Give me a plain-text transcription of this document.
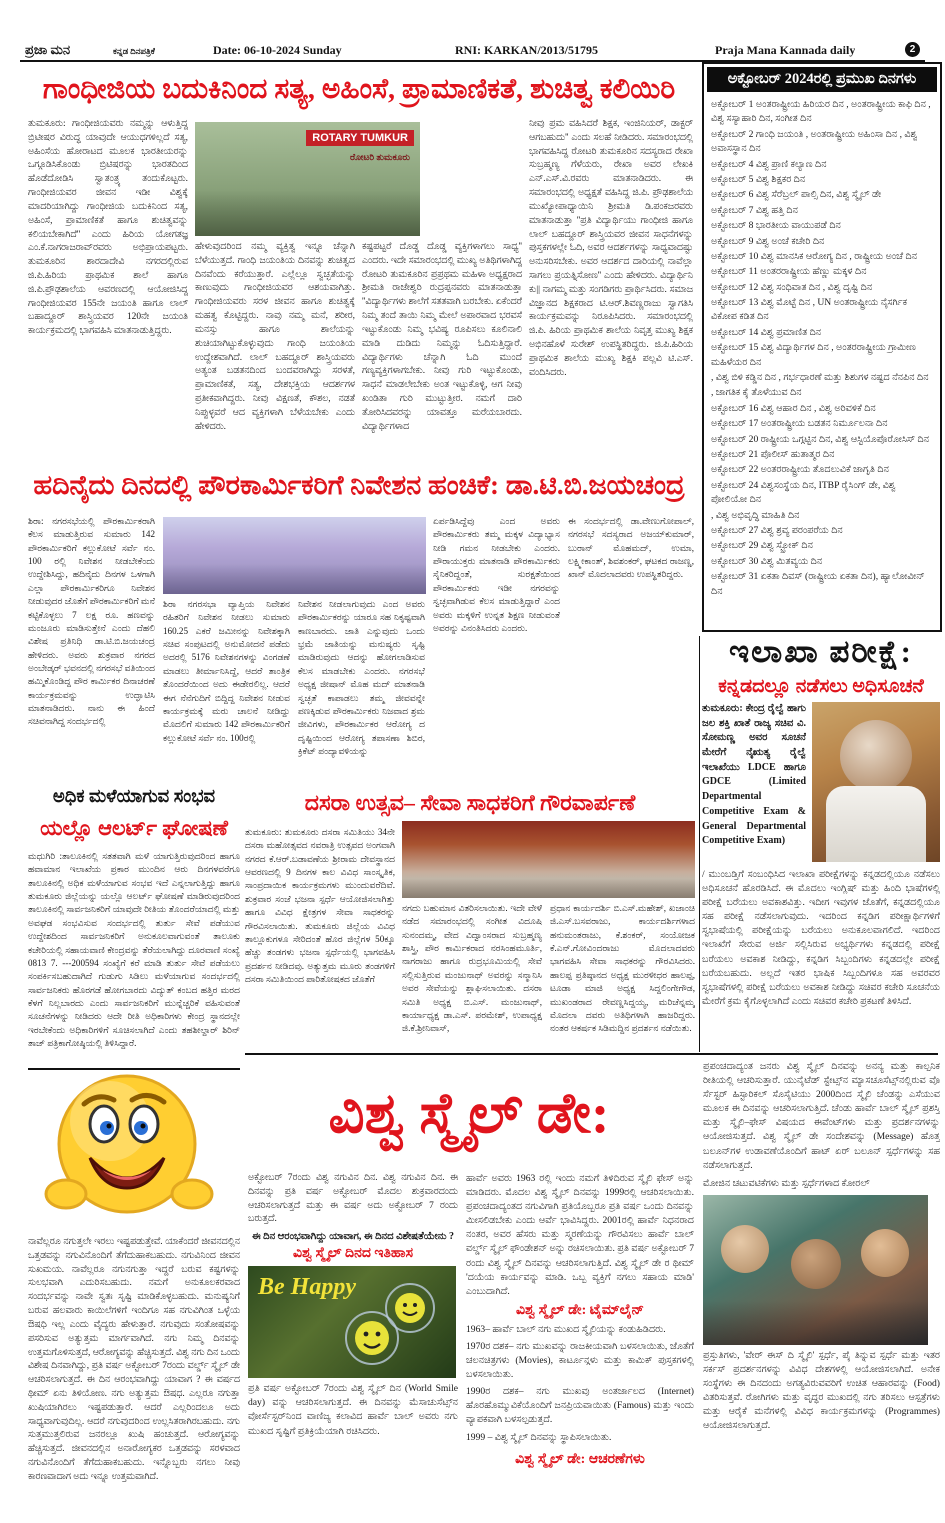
ಪ್ರಜಾ ಮನ	ಕನ್ನಡ ದಿನಪತ್ರಿಕೆ	Date: 06-10-2024 Sunday	RNI: KARKAN/2013/51795	Praja Mana Kannada daily	2
ಗಾಂಧೀಜಿಯ ಬದುಕಿನಿಂದ ಸತ್ಯ, ಅಹಿಂಸೆ, ಪ್ರಾಮಾಣಿಕತೆ, ಶುಚಿತ್ವ ಕಲಿಯಿರಿ
ROTARY TUMKUR
ರೋಟರಿ ತುಮಕೂರು
ತುಮಕೂರು: ಗಾಂಧೀಜಿಯವರು ನಮ್ಮನ್ನು ಆಳುತ್ತಿದ್ದ ಬ್ರಿಟೀಷರ ವಿರುದ್ಧ ಯಾವುದೇ ಆಯುಧಗಳಿಲ್ಲದೆ ಸತ್ಯ, ಅಹಿಂಸೆಯ ಹೋರಾಟದ ಮೂಲಕ ಭಾರತೀಯರನ್ನು ಒಗ್ಗೂಡಿಸಿಕೊಂಡು ಬ್ರಿಟಿಷರನ್ನು ಭಾರತದಿಂದ ಹೊಡೆದೋಡಿಸಿ ಸ್ವಾತಂತ್ರ್ಯ ತಂದುಕೊಟ್ಟರು. ಗಾಂಧೀಜಿಯವರ ಜೀವನ ಇಡೀ ವಿಶ್ವಕ್ಕೆ ಮಾದರಿಯಾಗಿದ್ದು ಗಾಂಧೀಜಿಯ ಬದುಕಿನಿಂದ ಸತ್ಯ, ಅಹಿಂಸೆ, ಪ್ರಾಮಾಣಿಕತೆ ಹಾಗೂ ಶುಚಿತ್ವವನ್ನು ಕಲಿಯಬೇಕಾಗಿದೆ'' ಎಂದು ಹಿರಿಯ ಯೋಗತಜ್ಞ ಎಂ.ಕೆ.ನಾಗರಾಜರಾವ್‌ರವರು ಅಭಿಪ್ರಾಯಪಟ್ಟರು. ತುಮಕೂರಿನ ಶಾರದಾದೇವಿ ನಗರದಲ್ಲಿರುವ ಜಿ.ಪಿ.ಹಿರಿಯ ಪ್ರಾಥಮಿಕ ಶಾಲೆ ಹಾಗೂ ಜಿ.ಪಿ.ಪ್ರೌಢಶಾಲೆಯ ಆವರಣದಲ್ಲಿ ಆಯೋಜಿಸಿದ್ದ ಗಾಂಧೀಜಿಯವರ 155ನೇ ಜಯಂತಿ ಹಾಗೂ ಲಾಲ್ ಬಹಾದ್ದೂರ್ ಶಾಸ್ತ್ರಿಯವರ 120ನೇ ಜಯಂತಿ ಕಾರ್ಯಕ್ರಮದಲ್ಲಿ ಭಾಗವಹಿಸಿ ಮಾತನಾಡುತ್ತಿದ್ದರು.
ಹೇಳುವುದರಿಂದ ನಮ್ಮ ವ್ಯಕ್ತಿತ್ವ ಇನ್ನೂ ಚೆನ್ನಾಗಿ ಬೆಳೆಯುತ್ತದೆ. ಗಾಂಧಿ ಜಯಂತಿಯ ದಿನವನ್ನು ಶುಚಿತ್ವದ ದಿನವೆಂದು ಕರೆಯುತ್ತಾರೆ. ಎಲ್ಲೆಲ್ಲೂ ಸ್ವಚ್ಛತೆಯನ್ನು ಕಾಣುವುದು ಗಾಂಧೀಜಿಯವರ ಆಶಯವಾಗಿತ್ತು. ಗಾಂಧೀಜಿಯವರು ಸರಳ ಜೀವನ ಹಾಗೂ ಶುಚಿತ್ವಕ್ಕೆ ಮಹತ್ವ ಕೊಟ್ಟಿದ್ದರು. ನಾವು ನಮ್ಮ ಮನೆ, ಶರೀರ, ಮನಸ್ಸು ಹಾಗೂ ಶಾಲೆಯನ್ನು ಶುಚಿಯಾಗಿಟ್ಟುಕೊಳ್ಳುವುದು ಗಾಂಧಿ ಜಯಂತಿಯ ಉದ್ದೇಶವಾಗಿದೆ. ಲಾಲ್ ಬಹದ್ದೂರ್ ಶಾಸ್ತ್ರಿಯವರು ಅತ್ಯಂತ ಬಡತನದಿಂದ ಬಂದವರಾಗಿದ್ದು ಸರಳತೆ, ಪ್ರಾಮಾಣಿಕತೆ, ಸತ್ಯ, ದೇಶಭಕ್ತಿಯ ಆದರ್ಶಗಳ ಪ್ರತೀಕವಾಗಿದ್ದರು. ನೀವು ವಿಕ್ಷಣತೆ, ಕೌಶಲ, ನಡತೆ ನಿಪ್ಪುಳ್ಳವರೆ ಆದ ವ್ಯಕ್ತಿಗಳಾಗಿ ಬೆಳೆಯಬೇಕು ಎಂದು ಹೇಳಿದರು.
ಕಷ್ಟಪಟ್ಟರೆ ದೊಡ್ಡ ದೊಡ್ಡ ವ್ಯಕ್ತಿಗಳಾಗಲು ಸಾಧ್ಯ'' ಎಂದರು. ಇದೇ ಸಮಾರಂಭದಲ್ಲಿ ಮುಖ್ಯ ಅತಿಥಿಗಳಾಗಿದ್ದ ರೋಟರಿ ತುಮಕೂರಿನ ಪ್ರಪ್ರಥಮ ಮಹಿಳಾ ಅಧ್ಯಕ್ಷರಾದ ಶ್ರೀಮತಿ ರಾಜೇಶ್ವರಿ ರುದ್ರಪ್ಪನವರು ಮಾತನಾಡುತ್ತಾ ''ವಿದ್ಯಾರ್ಥಿಗಳು ಶಾಲೆಗೆ ಸತತವಾಗಿ ಬರಬೇಕು. ಏಕೆಂದರೆ ನಿಮ್ಮ ತಂದೆ ತಾಯಿ ನಿಮ್ಮ ಮೇಲೆ ಅಪಾರವಾದ ಭರವಸೆ ಇಟ್ಟುಕೊಂಡು ನಿಮ್ಮ ಭವಿಷ್ಯ ರೂಪಿಸಲು ಕೂಲಿನಾಲಿ ಮಾಡಿ ದುಡಿದು ನಿಮ್ಮನ್ನು ಓದಿಸುತ್ತಿದ್ದಾರೆ. ವಿದ್ಯಾರ್ಥಿಗಳು ಚೆನ್ನಾಗಿ ಓದಿ ಮುಂದೆ ಗಣ್ಯವ್ಯಕ್ತಿಗಳಾಗಬೇಕು. ನೀವು ಗುರಿ ಇಟ್ಟುಕೊಂಡು, ಸಾಧನೆ ಮಾಡಲೇಬೇಕು ಅಂತ ಇಟ್ಟುಕೊಳ್ಳಿ, ಆಗ ನೀವು ಖಂಡಿತಾ ಗುರಿ ಮುಟ್ಟುತ್ತೀರ. ನಮಗೆ ದಾರಿ ತೋರಿಸಿದವರನ್ನು ಯಾವತ್ತೂ ಮರೆಯಬಾರದು. ವಿದ್ಯಾರ್ಥಿಗಳಾದ
ನೀವು ಪ್ರಮ ವಹಿಸಿದರೆ ಶಿಕ್ಷಕ, ಇಂಜಿನಿಯರ್, ಡಾಕ್ಟರ್ ಆಗಬಹುದು'' ಎಂದು ಸಲಹೆ ನೀಡಿದರು. ಸಮಾರಂಭದಲ್ಲಿ ಭಾಗವಹಿಸಿದ್ದ ರೋಟರಿ ತುಮಕೂರಿನ ಸದಸ್ಯರಾದ ರೇಖಾ ಸುಬ್ರಹ್ಮಣ್ಯ ಗೆಳೆಯರು, ರೇಖಾ ಅವರ ಲೇಖಕಿ ಎನ್.ಎಸ್.ವಿ.ರವರು ಮಾತನಾಡಿದರು. ಈ ಸಮಾರಂಭದಲ್ಲಿ ಅಧ್ಯಕ್ಷತೆ ವಹಿಸಿದ್ದ ಜಿ.ಪಿ. ಪ್ರೌಢಶಾಲೆಯ ಮುಖ್ಯೋಪಾಧ್ಯಾಯಿನಿ ಶ್ರೀಮತಿ ಡಿ.ಪಂಕಜರವರು ಮಾತನಾಡುತ್ತಾ ''ಪ್ರತಿ ವಿದ್ಯಾರ್ಥಿಯು ಗಾಂಧೀಜಿ ಹಾಗೂ ಲಾಲ್ ಬಹದ್ದೂರ್ ಶಾಸ್ತ್ರಿಯವರ ಜೀವನ ಸಾಧನೆಗಳನ್ನು ಪುಸ್ತಕಗಳಲ್ಲೇ ಓದಿ, ಅವರ ಆದರ್ಶಗಳನ್ನು ಸಾಧ್ಯವಾದಷ್ಟು ಅನುಸರಿಸಬೇಕು. ಅವರ ಆದರ್ಶದ ದಾರಿಯಲ್ಲಿ ನಾವೆಲ್ಲಾ ಸಾಗಲು ಪ್ರಯತ್ನಿಸೋಣ'' ಎಂದು ಹೇಳಿದರು. ವಿದ್ಯಾರ್ಥಿನಿ ಕು|| ನಾಗಮ್ಮ ಮತ್ತು ಸಂಗಡಿಗರು ಪ್ರಾರ್ಥಿಸಿದರು. ಸಮಾಜ ವಿಜ್ಞಾನದ ಶಿಕ್ಷಕರಾದ ಟಿ.ಆರ್.ಶಿವಣ್ಣರಾಜು ಸ್ವಾಗತಿಸಿ ಕಾರ್ಯಕ್ರಮವನ್ನು ನಿರೂಪಿಸಿದರು. ಸಮಾರಂಭದಲ್ಲಿ ಜಿ.ಪಿ. ಹಿರಿಯ ಪ್ರಾಥಮಿಕ ಶಾಲೆಯ ನಿವೃತ್ತ ಮುಖ್ಯ ಶಿಕ್ಷಕ ಅಭಿನಹೊಳೆ ಸುರೇಶ್ ಉಪಸ್ಥಿತರಿದ್ದರು. ಜಿ.ಪಿ.ಹಿರಿಯ ಪ್ರಾಥಮಿಕ ಶಾಲೆಯ ಮುಖ್ಯ ಶಿಕ್ಷಕಿ ಪಲ್ಲವಿ ಟಿ.ಎಸ್. ವಂದಿಸಿದರು.
ಹದಿನೈದು ದಿನದಲ್ಲಿ ಪೌರಕಾರ್ಮಿಕರಿಗೆ ನಿವೇಶನ ಹಂಚಿಕೆ: ಡಾ.ಟಿ.ಬಿ.ಜಯಚಂದ್ರ
ಶಿರಾ: ನಗರಸಭೆಯಲ್ಲಿ ಪೌರಕಾರ್ಮಿಕರಾಗಿ ಕೆಲಸ ಮಾಡುತ್ತಿರುವ ಸುಮಾರು 142 ಪೌರಕಾರ್ಮಿಕರಿಗೆ ಕಲ್ಲುಕೋಟೆ ಸರ್ವೆ ನಂ. 100 ರಲ್ಲಿ ನಿವೇಶನ ನೀಡಬೇಕೆಂದು ಉದ್ದೇಶಿಸಿದ್ದು, ಹದಿನೈದು ದಿನಗಳ ಒಳಗಾಗಿ ಎಲ್ಲಾ ಪೌರಕಾರ್ಮಿಕರಿಗೂ ನಿವೇಶನ ನೀಡುವುದರ ಜೊತೆಗೆ ಪೌರಕಾರ್ಮಿಕರಿಗೆ ಮನೆ ಕಟ್ಟಿಕೊಳ್ಳಲು 7 ಲಕ್ಷ ರೂ. ಹಣವನ್ನು ಮಂಜೂರು ಮಾಡಿಸುತ್ತೇನೆ ಎಂದು ದೆಹಲಿ ವಿಶೇಷ ಪ್ರತಿನಿಧಿ ಡಾ.ಟಿ.ಬಿ.ಜಯಚಂದ್ರ ಹೇಳಿದರು. ಅವರು ಶುಕ್ರವಾರ ನಗರದ ಅಂಬೇಡ್ಕರ್ ಭವನದಲ್ಲಿ ನಗರಸಭೆ ವತಿಯಿಂದ ಹಮ್ಮಿಕೊಂಡಿದ್ದ ಪೌರ ಕಾರ್ಮಿಕರ ದಿನಾಚರಣೆ ಕಾರ್ಯಕ್ರಮವನ್ನು ಉದ್ಘಾಟಿಸಿ ಮಾತನಾಡಿದರು. ನಾನು ಈ ಹಿಂದೆ ಸಚಿವನಾಗಿದ್ದ ಸಂದರ್ಭದಲ್ಲಿ
ಶಿರಾ ನಗರಸಭಾ ವ್ಯಾಪ್ತಿಯ ನಿವೇಶನ ರಹಿತರಿಗೆ ನಿವೇಶನ ನೀಡಲು ಸುಮಾರು 160.25 ಎಕರೆ ಜಮೀನನ್ನು ನಿವೇಶಕ್ಕಾಗಿ ಸಚಿವ ಸಂಪುಟದಲ್ಲಿ ಅನುಮೋದನೆ ಪಡೆದು ಅದರಲ್ಲಿ 5176 ನಿವೇಶನಗಳನ್ನು ವಿಂಗಡಣೆ ಮಾಡಲು ತೀರ್ಮಾನಿಸಿದ್ದೆ, ಆದರೆ ತಾಂತ್ರಿಕ ತೊಂದರೆಯಿಂದ ಅದು ಈಡೇರಲಿಲ್ಲ. ಆದರೆ ಈಗ ನೆನೆಗುದಿಗೆ ಬಿದ್ದಿದ್ದ ನಿವೇಶನ ನೀಡುವ ಕಾರ್ಯಕ್ರಮಕ್ಕೆ ಮರು ಚಾಲನೆ ನೀಡಿದ್ದು ಮೊದಲಿಗೆ ಸುಮಾರು 142 ಪೌರಕಾರ್ಮಿಕರಿಗೆ ಕಲ್ಲುಕೋಟೆ ಸರ್ವೆ ನಂ. 100ರಲ್ಲಿ
ನಿವೇಶನ ನೀಡಲಾಗುವುದು ಎಂದ ಅವರು ಪೌರಕಾರ್ಮಿಕರನ್ನು ಯಾರೂ ಸಹ ನಿಕೃಷ್ಟವಾಗಿ ಕಾಣಬಾರದು. ಜಾತಿ ಎನ್ನುವುದು ಒಂದು ಭ್ರಮೆ ಜಾತಿಯನ್ನು ಮನುಷ್ಯರು ಸೃಷ್ಟಿ ಮಾಡಿರುವುದು ಆದನ್ನು ಹೋಗಲಾಡಿಸುವ ಕೆಲಸ ಮಾಡಬೇಕು ಎಂದರು. ನಗರಸಭೆ ಅಧ್ಯಕ್ಷ ಜೀಷಾನ್ ಮೊಹ ಮದ್ ಮಾತನಾಡಿ ಸ್ವಚ್ಛತೆ ಕಾಪಾಡಲು ತಮ್ಮ ಜೀವವನ್ನೇ ಪಣಕ್ಕಿಡುವ ಪೌರಕಾರ್ಮಿಕರು ನಿಜವಾದ ಶ್ರಮ ಜೀವಿಗಳು, ಪೌರಕಾರ್ಮಿಕರ ಆರೋಗ್ಯ ದ ದೃಷ್ಟಿಯಿಂದ ಆರೋಗ್ಯ ತಪಾಸಣಾ ಶಿಬಿರ, ಕ್ರಿಕೆಟ್ ಪಂದ್ಯಾವಳಿಯನ್ನು
ಏರ್ಪಡಿಸಿದ್ದೆವು ಎಂದ ಅವರು ಪೌರಕಾರ್ಮಿಕರು ತಮ್ಮ ಮಕ್ಕಳ ವಿದ್ಯಾಭ್ಯಾಸ ನೀಡಿ ಗಮನ ನೀಡಬೇಕು ಎಂದರು. ಪೌರಾಯುಕ್ತರು ಮಾತನಾಡಿ ಪೌರಕಾರ್ಮಿಕರು ಸೈನಿಕರಿದ್ದಂತೆ, ಸುರಕ್ಷತೆಯಿಂದ ಪೌರಕಾರ್ಮಿಕರು ಇಡೀ ನಗರವನ್ನು ಸ್ವಚ್ಛವಾಗಿಡುವ ಕೆಲಸ ಮಾಡುತ್ತಿದ್ದಾರೆ ಎಂದ ಅವರು ಮಕ್ಕಳಿಗೆ ಉನ್ನತ ಶಿಕ್ಷಣ ನೀಡುವಂತೆ ಅವರನ್ನು ವಿನಂತಿಸಿದರು ಎಂದರು.
ಈ ಸಂದರ್ಭದಲ್ಲಿ ಡಾ.ವೇಣುಗೋಪಾಲ್, ನಗರಸಭೆ ಸದಸ್ಯರಾದ ಅಜಯ್‌ಕುಮಾರ್, ಬುರಾನ್ ಮೊಹಮದ್, ಉಮಾ, ಲಕ್ಷ್ಮೀಕಾಂತ್, ಶಿವಶಂಕರ್, ಘಟಕದ ರಾಜಣ್ಣ, ಖಾನ್ ಮೊದಲಾದವರು ಉಪಸ್ಥಿತರಿದ್ದರು.
ಅಧಿಕ ಮಳೆಯಾಗುವ ಸಂಭವ
ಯಲ್ಲೊ ಆಲರ್ಟ್ ಘೋಷಣೆ
ಮಧುಗಿರಿ :ತಾಲೂಕಿನಲ್ಲಿ ಸತತವಾಗಿ ಮಳೆ ಯಾಗುತ್ತಿರುವುದರಿಂದ ಹಾಗೂ ಹವಾಮಾನ ಇಲಾಖೆಯ ಪ್ರಕಾರ ಮುಂದಿನ ಆರು ದಿನಗಳವರೆಗೂ ತಾಲೂಕಿನಲ್ಲಿ ಅಧಿಕ ಮಳೆಯಾಗುವ ಸಂಭವ ಇದೆ ಎನ್ನಲಾಗುತ್ತಿದ್ದು ಹಾಗೂ ತುಮಕೂರು ಜಿಲ್ಲೆಯನ್ನು ಯಲ್ಲೊ ಆಲರ್ಟ್ ಘೋಷಣೆ ಮಾಡಿರುವುದರಿಂದ ತಾಲೂಕಿನಲ್ಲಿ ಸಾರ್ವಜನಿಕರಿಗೆ ಯಾವುದೇ ರೀತಿಯ ತೊಂದರೆಯಾದಲ್ಲಿ ಮತ್ತು ಅವಘಡ ಸಂಭವಿಸುವ ಸಂದರ್ಭದಲ್ಲಿ ತುರ್ತು ಸೇವೆ ಪಡೆಯುವ ಉದ್ದೇಶದಿಂದ ಸಾರ್ವಜನಿಕರಿಗೆ ಅನುಕೂಲವಾಗುವಂತೆ ತಾಲೂಕು ಕಚೇರಿಯಲ್ಲಿ ಸಹಾಯವಾಣಿ ಕೇಂದ್ರವನ್ನು ತೆರೆಯಲಾಗಿದ್ದು ದೂರವಾಣಿ ಸಂಖ್ಯೆ 0813 7. ---200594 ಸಂಖ್ಯೆಗೆ ಕರೆ ಮಾಡಿ ತುರ್ತು ಸೇವೆ ಪಡೆಯಲು ಸಂಪರ್ಕಿಸಬಹುದಾಗಿದೆ ಗುಡುಗು ಸಿಡಿಲು ಮಳೆಯಾಗುವ ಸಂದರ್ಭದಲ್ಲಿ ಸಾರ್ವಜನಿಕರು ಹೊರಗಡೆ ಹೋಗಬಾರದು ವಿದ್ಯುತ್ ಕಂಬದ ಹತ್ತಿರ ಮರದ ಕೆಳಗೆ ನಿಲ್ಲಬಾರದು ಎಂದು ಸಾರ್ವಜನಿಕರಿಗೆ ಮುನ್ನೆಚ್ಚರಿಕೆ ವಹಿಸುವಂತೆ ಸೂಚನೆಗಳನ್ನು ನೀಡಿದರು ಆದೇ ರೀತಿ ಅಧಿಕಾರಿಗಳು ಕೇಂದ್ರ ಸ್ಥಾನದಲ್ಲೇ ಇರಬೇಕೆಂದು ಅಧಿಕಾರಿಗಳಿಗೆ ಸೂಚಿಸಲಾಗಿದೆ ಎಂದು ತಹಶೀಲ್ದಾರ್ ಶಿರಿನ್ ತಾಜ್ ಪತ್ರಿಕಾಗೋಷ್ಠಿಯಲ್ಲಿ ತಿಳಿಸಿದ್ದಾರೆ.
ದಸರಾ ಉತ್ಸವ– ಸೇವಾ ಸಾಧಕರಿಗೆ ಗೌರವಾರ್ಪಣೆ
ತುಮಕೂರು: ತುಮಕೂರು ದಸರಾ ಸಮಿತಿಯು 34ನೇ ದಸರಾ ಮಹೋತ್ಸವದ ನವರಾತ್ರಿ ಉತ್ಸವದ ಅಂಗವಾಗಿ ನಗರದ ಕೆ.ಆರ್.ಬಡಾವಣೆಯ ಶ್ರೀರಾಮ ದೇವಸ್ಥಾನದ ಆವರಣದಲ್ಲಿ 9 ದಿನಗಳ ಕಾಲ ವಿವಿಧ ಸಾಂಸ್ಕೃತಿಕ, ಸಾಂಪ್ರದಾಯಿಕ ಕಾರ್ಯಕ್ರಮಗಳು ಮುಂದುವರೆದಿವೆ. ಶುಕ್ರವಾರ ಸಂಜೆ ಭಜನಾ ಸ್ಪರ್ಧೆ ಆಯೋಜಿಸಲಾಗಿತ್ತು ಹಾಗೂ ವಿವಿಧ ಕ್ಷೇತ್ರಗಳ ಸೇವಾ ಸಾಧಕರನ್ನು ಗೌರವಿಸಲಾಯಿತು. ತುಮಕೂರು ಜಿಲ್ಲೆಯ ವಿವಿಧ ತಾಲ್ಲೂಕುಗಳೂ ಸೇರಿದಂತೆ ಹೊರ ಜಿಲ್ಲೆಗಳ 50ಕ್ಕೂ ಹೆಚ್ಚು ತಂಡಗಳು ಭಜನಾ ಸ್ಪರ್ಧೆಯಲ್ಲಿ ಭಾಗವಹಿಸಿ ಪ್ರದರ್ಶನ ನೀಡಿದವು. ಅತ್ಯುತ್ತಮ ಮೂರು ತಂಡಗಳಿಗೆ ದಸರಾ ಸಮಿತಿಯಿಂದ ಪಾರಿತೋಷಕದ ಜೊತೆಗೆ
ನಗದು ಬಹುಮಾನ ವಿತರಿಸಲಾಯಿತು. ಇದೇ ವೇಳೆ ನಡೆದ ಸಮಾರಂಭದಲ್ಲಿ ಸಂಗೀತ ವಿದೂಷಿ ಸುನಂದಮ್ಮ, ವೇದ ವಿದ್ವಾಂಸರಾದ ಸುಬ್ರಹ್ಮಣ್ಯ ಶಾಸ್ತ್ರಿ, ಪೌರ ಕಾರ್ಮಿಕರಾದ ನರಸಿಂಹಮೂರ್ತಿ, ನಾಗರಾಜು ಹಾಗೂ ರುದ್ರಭೂಮಿಯಲ್ಲಿ ಸೇವೆ ಸಲ್ಲಿಸುತ್ತಿರುವ ಮಂಜುನಾಥ್ ಅವರನ್ನು ಸನ್ಮಾನಿಸಿ ಅವರ ಸೇವೆಯನ್ನು ಶ್ಲಾಘಿಸಲಾಯಿತು. ದಸರಾ ಸಮಿತಿ ಅಧ್ಯಕ್ಷ ಬಿ.ಎಸ್. ಮಂಜುನಾಥ್, ಕಾರ್ಯಾಧ್ಯಕ್ಷ ಡಾ.ಎಸ್. ಪರಮೇಶ್, ಉಪಾಧ್ಯಕ್ಷ ಜಿ.ಕೆ.ಶ್ರೀನಿವಾಸ್,
ಪ್ರಧಾನ ಕಾರ್ಯದರ್ಶಿ ಬಿ.ಎಸ್.ಮಹೇಶ್, ಖಜಾಂಚಿ ಜಿ.ಎಸ್.ಬಸವರಾಜು, ಕಾರ್ಯದರ್ಶಿಗಳಾದ ಹನುಮಂತರಾಜು, ಕೆ.ಶಂಕರ್, ಸಂಯೋಜಕ ಕೆ.ಎನ್.ಗೋವಿಂದರಾಜು ಮೊದಲಾದವರು ಭಾಗವಹಿಸಿ ಸೇವಾ ಸಾಧಕರನ್ನು ಗೌರವಿಸಿದರು. ಹಾಲಪ್ಪ ಪ್ರತಿಷ್ಠಾನದ ಅಧ್ಯಕ್ಷ ಮುರಳೀಧರ ಹಾಲಪ್ಪ, ಟೂಡಾ ಮಾಜಿ ಅಧ್ಯಕ್ಷ ಸಿದ್ದಲಿಂಗೇಗೌಡ, ಮುಖಂಡರಾದ ರೇವಣ್ಣಸಿದ್ದಯ್ಯ, ಮರಿಚೆನ್ನಮ್ಮ ಮೊದಲಾ ದವರು ಅತಿಥಿಗಳಾಗಿ ಹಾಜರಿದ್ದರು. ನಂತರ ಆಕರ್ಷಕ ಸಿಡಿಮದ್ದಿನ ಪ್ರದರ್ಶನ ನಡೆಯಿತು.
ಅಕ್ಟೋಬರ್ 2024ರಲ್ಲಿ ಪ್ರಮುಖ ದಿನಗಳು
ಅಕ್ಟೋಬರ್ 1 ಅಂತರಾಷ್ಟ್ರೀಯ ಹಿರಿಯರ ದಿನ , ಅಂತರಾಷ್ಟ್ರೀಯ ಕಾಫಿ ದಿನ , ವಿಶ್ವ ಸಸ್ಯಾಹಾರಿ ದಿನ, ಸಂಗೀತ ದಿನ
ಅಕ್ಟೋಬರ್ 2 ಗಾಂಧಿ ಜಯಂತಿ , ಅಂತರಾಷ್ಟ್ರೀಯ ಅಹಿಂಸಾ ದಿನ , ವಿಶ್ವ ಅವಾಸಸ್ಥಾನ ದಿನ
ಅಕ್ಟೋಬರ್ 4 ವಿಶ್ವ ಪ್ರಾಣಿ ಕಲ್ಯಾಣ ದಿನ
ಅಕ್ಟೋಬರ್ 5 ವಿಶ್ವ ಶಿಕ್ಷಕರ ದಿನ
ಅಕ್ಟೋಬರ್ 6 ವಿಶ್ವ ಸೆರೆಬ್ರಲ್ ಪಾಲ್ಸಿ ದಿನ, ವಿಶ್ವ ಸ್ಮೈಲ್ ಡೇ
ಅಕ್ಟೋಬರ್ 7 ವಿಶ್ವ ಹತ್ತಿ ದಿನ
ಅಕ್ಟೋಬರ್ 8 ಭಾರತೀಯ ವಾಯುಪಡೆ ದಿನ
ಅಕ್ಟೋಬರ್ 9 ವಿಶ್ವ ಅಂಚೆ ಕಚೇರಿ ದಿನ
ಅಕ್ಟೋಬರ್ 10 ವಿಶ್ವ ಮಾನಸಿಕ ಆರೋಗ್ಯ ದಿನ , ರಾಷ್ಟ್ರೀಯ ಅಂಚೆ ದಿನ
ಅಕ್ಟೋಬರ್ 11 ಅಂತರರಾಷ್ಟ್ರೀಯ ಹೆಣ್ಣು ಮಕ್ಕಳ ದಿನ
ಅಕ್ಟೋಬರ್ 12 ವಿಶ್ವ ಸಂಧಿವಾತ ದಿನ , ವಿಶ್ವ ದೃಷ್ಟಿ ದಿನ
ಅಕ್ಟೋಬರ್ 13 ವಿಶ್ವ ಮೊಟ್ಟೆ ದಿನ , UN ಅಂತರಾಷ್ಟ್ರೀಯ ನೈಸರ್ಗಿಕ ವಿಕೋಪ ಕಡಿತ ದಿನ
ಅಕ್ಟೋಬರ್ 14 ವಿಶ್ವ ಪ್ರಮಾಣಿತ ದಿನ
ಅಕ್ಟೋಬರ್ 15 ವಿಶ್ವ ವಿದ್ಯಾರ್ಥಿಗಳ ದಿನ , ಅಂತರರಾಷ್ಟ್ರೀಯ ಗ್ರಾಮೀಣ ಮಹಿಳೆಯರ ದಿನ
, ವಿಶ್ವ ಬಿಳಿ ಕಡ್ಡಿನ ದಿನ , ಗರ್ಭಧಾರಣೆ ಮತ್ತು ಶಿಶುಗಳ ನಷ್ಟದ ನೆನಪಿನ ದಿನ
, ಜಾಗತಿಕ ಕೈ ತೊಳೆಯುವ ದಿನ
ಅಕ್ಟೋಬರ್ 16 ವಿಶ್ವ ಆಹಾರ ದಿನ , ವಿಶ್ವ ಅರಿವಳಿಕೆ ದಿನ
ಅಕ್ಟೋಬರ್ 17 ಅಂತರಾಷ್ಟ್ರೀಯ ಬಡತನ ನಿರ್ಮೂಲನಾ ದಿನ
ಅಕ್ಟೋಬರ್ 20 ರಾಷ್ಟ್ರೀಯ ಒಗ್ಗಟ್ಟಿನ ದಿನ, ವಿಶ್ವ ಆಸ್ಟಿಯೊಪೊರೋಸಿಸ್ ದಿನ
ಅಕ್ಟೋಬರ್ 21 ಪೊಲೀಸ್ ಹುತಾತ್ಮರ ದಿನ
ಅಕ್ಟೋಬರ್ 22 ಅಂತರರಾಷ್ಟ್ರೀಯ ತೊದಲುವಿಕೆ ಜಾಗೃತಿ ದಿನ
ಅಕ್ಟೋಬರ್ 24 ವಿಶ್ವಸಂಸ್ಥೆಯ ದಿನ, ITBP ರೈಸಿಂಗ್ ಡೇ, ವಿಶ್ವ ಪೋಲಿಯೋ ದಿನ
, ವಿಶ್ವ ಅಭಿವೃದ್ಧಿ ಮಾಹಿತಿ ದಿನ
ಅಕ್ಟೋಬರ್ 27 ವಿಶ್ವ ಶ್ರವ್ಯ ಪರಂಪರೆಯ ದಿನ
ಅಕ್ಟೋಬರ್ 29 ವಿಶ್ವ ಸ್ಟ್ರೋಕ್ ದಿನ
ಅಕ್ಟೋಬರ್ 30 ವಿಶ್ವ ಮಿತವ್ಯಯ ದಿನ
ಅಕ್ಟೋಬರ್ 31 ಏಕತಾ ದಿವಸ್ (ರಾಷ್ಟ್ರೀಯ ಏಕತಾ ದಿನ), ಹ್ಯಾಲೋವೀನ್ ದಿನ
ಇಲಾಖಾ ಪರೀಕ್ಷೆ:
ಕನ್ನಡದಲ್ಲೂ ನಡೆಸಲು ಅಧಿಸೂಚನೆ
ತುಮಕೂರು: ಕೇಂದ್ರ ರೈಲ್ವೆ ಹಾಗು ಜಲ ಶಕ್ತಿ ಖಾತೆ ರಾಜ್ಯ ಸಚಿವ ವಿ. ಸೋಮಣ್ಣ ಅವರ ಸೂಚನೆ ಮೇರೆಗೆ ನೈಋತ್ಯ ರೈಲ್ವೆ ಇಲಾಖೆಯು LDCE ಹಾಗೂ GDCE (Limited Departmental Competitive Exam & General Departmental Competitive Exam)
/ ಮುಂಬಡ್ತಿಗೆ ಸಂಬಂಧಿಸಿದ ಇಲಾಖಾ ಪರೀಕ್ಷೆಗಳನ್ನು ಕನ್ನಡದಲ್ಲಿಯೂ ನಡೆಸಲು ಅಧಿಸೂಚನೆ ಹೊರಡಿಸಿದೆ. ಈ ಮೊದಲು ಇಂಗ್ಲಿಷ್ ಮತ್ತು ಹಿಂದಿ ಭಾಷೆಗಳಲ್ಲಿ ಪರೀಕ್ಷೆ ಬರೆಯಲು ಅವಕಾಶವಿತ್ತು. ಇದೀಗ ಇವುಗಳ ಜೊತೆಗೆ, ಕನ್ನಡದಲ್ಲಿಯೂ ಸಹ ಪರೀಕ್ಷೆ ನಡೆಸಲಾಗುವುದು. ಇದರಿಂದ ಕನ್ನಡಿಗ ಪರೀಕ್ಷಾರ್ಥಿಗಳಿಗೆ ಸ್ವಭಾಷೆಯಲ್ಲಿ ಪರೀಕ್ಷೆಯನ್ನು ಬರೆಯಲು ಅನುಕೂಲವಾಗಲಿದೆ. ಇದರಿಂದ ಇಲಾಖೆಗೆ ಸೇರುವ ಅರ್ಜಿ ಸಲ್ಲಿಸಿರುವ ಅಭ್ಯರ್ಥಿಗಳು ಕನ್ನಡದಲ್ಲಿ ಪರೀಕ್ಷೆ ಬರೆಯಲು ಅವಕಾಶ ನೀಡಿದ್ದು, ಕನ್ನಡಿಗ ಸಿಬ್ಬಂದಿಗಳು ಕನ್ನಡದಲ್ಲೇ ಪರೀಕ್ಷೆ ಬರೆಯಬಹುದು. ಅಲ್ಲದೆ ಇತರ ಭಾಷಿಕ ಸಿಬ್ಬಂದಿಗಳೂ ಸಹ ಅವರವರ ಸ್ವಭಾಷೆಗಳಲ್ಲಿ ಪರೀಕ್ಷೆ ಬರೆಯಲು ಅವಕಾಶ ನೀಡಿದ್ದು ಸಚಿವರ ಕಚೇರಿ ಸೂಚನೆಯ ಮೇರೆಗೆ ಕ್ರಮ ಕೈಗೊಳ್ಳಲಾಗಿದೆ ಎಂದು ಸಚಿವರ ಕಚೇರಿ ಪ್ರಕಟಣೆ ತಿಳಿಸಿದೆ.
ವಿಶ್ವ ಸ್ಮೈಲ್ ಡೇ:
ನಾವೆಲ್ಲರೂ ನಗುತ್ತಲೇ ಇರಲು ಇಷ್ಟಪಡುತ್ತೇವೆ. ಯಾಕೆಂದರೆ ಜೀವನದಲ್ಲಿನ ಒತ್ತಡವನ್ನು ನಗುವಿನೊಂದಿಗೆ ತೆಗೆದುಹಾಕಬಹುದು. ನಗುವಿನಿಂದ ಜೀವನ ಸುಖಮಯ. ನಾವೆಲ್ಲರೂ ನಗುನಗುತ್ತಾ ಇದ್ದರೆ ಬರುವ ಕಷ್ಟಗಳನ್ನು ಸುಲಭವಾಗಿ ಎದುರಿಸಬಹುದು. ನಮಗೆ ಅನುಕೂಲಕರವಾದ ಸಂದರ್ಭವನ್ನು ನಾವೇ ಸ್ವತಃ ಸೃಷ್ಟಿ ಮಾಡಿಕೊಳ್ಳಬಹುದು. ಮನುಷ್ಯನಿಗೆ ಬರುವ ಹಲವಾರು ಕಾಯಿಲೆಗಳಿಗೆ ಇಂದಿಗೂ ಸಹ ನಗುವಿಗಿಂತ ಒಳ್ಳೆಯ ಔಷಧಿ ಇಲ್ಲ ಎಂದು ವೈದ್ಯರು ಹೇಳುತ್ತಾರೆ. ನಗುವುದು ಸಂತೋಷವನ್ನು ಪಸರಿಸುವ ಅತ್ಯುತ್ತಮ ಮಾರ್ಗವಾಗಿದೆ. ನಗು ನಿಮ್ಮ ದಿನವನ್ನು ಉತ್ತಮಗೊಳಿಸುತ್ತದೆ, ಆರೋಗ್ಯವನ್ನು ಹೆಚ್ಚಿಸುತ್ತದೆ. ವಿಶ್ವ ನಗು ದಿನ ಒಂದು ವಿಶೇಷ ದಿನವಾಗಿದ್ದು, ಪ್ರತಿ ವರ್ಷ ಅಕ್ಟೋಬರ್ 7ರಂದು ವರ್ಲ್ಡ್ ಸ್ಮೈಲ್ ಡೇ ಆಚರಿಸಲಾಗುತ್ತದೆ. ಈ ದಿನ ಆರಂಭವಾಗಿದ್ದು ಯಾವಾಗ ? ಈ ವರ್ಷದ ಥೀಮ್ ಏನು ತಿಳಿಯೋಣ. ನಗು ಅತ್ಯುತ್ತಮ ಔಷಧ. ಎಲ್ಲರೂ ನಗುತ್ತಾ ಖುಷಿಯಾಗಿರಲು ಇಷ್ಟಪಡುತ್ತಾರೆ. ಆದರೆ ಎಲ್ಲರಿಂದಲೂ ಅದು ಸಾಧ್ಯವಾಗುವುದಿಲ್ಲ. ಆದರೆ ನಗುವುದರಿಂದ ಉಲ್ಲಸಿತರಾಗಿರಬಹುದು. ನಗು ಸುತ್ತಮುತ್ತಲಿರುವ ಜನರಲ್ಲೂ ಖುಷಿ ಹಂಚುತ್ತದೆ. ಆರೋಗ್ಯವನ್ನು ಹೆಚ್ಚಿಸುತ್ತದೆ. ಜೀವನದಲ್ಲಿನ ಅನಾರೋಗ್ಯಕರ ಒತ್ತಡವನ್ನು ಸರಳವಾದ ನಗುವಿನೊಂದಿಗೆ ತೆಗೆದುಹಾಕಬಹುದು. ಇನ್ನೊಬ್ಬರು ನಗಲು ನೀವು ಕಾರಣವಾದಾಗ ಅದು ಇನ್ನೂ ಉತ್ತಮವಾಗಿದೆ.
ಅಕ್ಟೋಬರ್ 7ರಂದು ವಿಶ್ವ ನಗುವಿನ ದಿನ. ವಿಶ್ವ ನಗುವಿನ ದಿನ. ಈ ದಿನವನ್ನು ಪ್ರತಿ ವರ್ಷ ಅಕ್ಟೋಬರ್ ಮೊದಲ ಶುಕ್ರವಾರದಂದು ಆಚರಿಸಲಾಗುತ್ತದೆ ಮತ್ತು ಈ ವರ್ಷ ಅದು ಅಕ್ಟೋಬರ್ 7 ರಂದು ಬರುತ್ತದೆ.
ಈ ದಿನ ಆರಂಭವಾಗಿದ್ದು ಯಾವಾಗ, ಈ ದಿನದ ವಿಶೇಷತೆಯೇನು ?
ವಿಶ್ವ ಸ್ಮೈಲ್ ದಿನದ ಇತಿಹಾಸ
Be Happy
ಪ್ರತಿ ವರ್ಷ ಅಕ್ಟೋಬರ್ 7ರಂದು ವಿಶ್ವ ಸ್ಮೈಲ್ ದಿನ (World Smile day) ವನ್ನು ಆಚರಿಸಲಾಗುತ್ತದೆ. ಈ ದಿನವನ್ನು ಮೆಸಾಚುಸೆಟ್ಸ್‌ನ ವೋರ್ಸೆಸ್ಟರ್‌ನಿಂದ ವಾಣಿಜ್ಯ ಕಲಾವಿದ ಹಾರ್ವೆ ಬಾಲ್ ಅವರು ನಗು ಮುಖದ ಸೃಷ್ಟಿಗೆ ಪ್ರತಿಕ್ರಿಯೆಯಾಗಿ ರಚಿಸಿದರು.
ಹಾರ್ವೆ ಅವರು 1963 ರಲ್ಲಿ ಇಂದು ನಮಗೆ ತಿಳಿದಿರುವ ಸ್ಮೈಲಿ ಫೇಸ್ ಅನ್ನು ಮಾಡಿದರು. ಮೊದಲ ವಿಶ್ವ ಸ್ಮೈಲ್ ದಿನವನ್ನು 1999ರಲ್ಲಿ ಆಚರಿಸಲಾಯಿತು. ಪ್ರಪಂಚದಾದ್ಯಂತದ ನಗುವಿಗಾಗಿ ಪ್ರತಿಯೊಬ್ಬರೂ ಪ್ರತಿ ವರ್ಷ ಒಂದು ದಿನವನ್ನು ಮೀಸಲಿಡಬೇಕು ಎಂದು ಆರ್ವೆ ಭಾವಿಸಿದ್ದರು. 2001ರಲ್ಲಿ ಹಾರ್ವೆ ನಿಧನರಾದ ನಂತರ, ಅವರ ಹೆಸರು ಮತ್ತು ಸ್ಮರಣೆಯನ್ನು ಗೌರವಿಸಲು ಹಾರ್ವೆ ಬಾಲ್ ವರ್ಲ್ಡ್ ಸ್ಮೈಲ್ ಫೌಂಡೇಶನ್ ಅನ್ನು ರಚಿಸಲಾಯಿತು. ಪ್ರತಿ ವರ್ಷ ಅಕ್ಟೋಬರ್ 7 ರಂದು ವಿಶ್ವ ಸ್ಮೈಲ್ ದಿನವನ್ನು ಆಚರಿಸಲಾಗುತ್ತಿದೆ. ವಿಶ್ವ ಸ್ಮೈಲ್ ಡೇ ರ ಥೀಮ್ 'ದಯೆಯ ಕಾರ್ಯವನ್ನು ಮಾಡಿ. ಒಬ್ಬ ವ್ಯಕ್ತಿಗೆ ನಗಲು ಸಹಾಯ ಮಾಡಿ' ಎಂಬುದಾಗಿದೆ.
ವಿಶ್ವ ಸ್ಮೈಲ್ ಡೇ: ಟೈಮ್‌ಲೈನ್
1963– ಹಾರ್ವೆ ಬಾಲ್ ನಗು ಮುಖದ ಸ್ಮೈಲಿಯನ್ನು ಕಂಡುಹಿಡಿದರು.
1970ರ ದಶಕ– ನಗು ಮುಖವನ್ನು ರಾಜಕೀಯವಾಗಿ ಬಳಸಲಾಯಿತು, ಜೊತೆಗೆ ಚಲನಚಿತ್ರಗಳು (Movies), ಕಾರ್ಟೂನ್ಗಳು ಮತ್ತು ಕಾಮಿಕ್ ಪುಸ್ತಕಗಳಲ್ಲಿ ಬಳಸಲಾಯಿತು.
1990ರ ದಶಕ– ನಗು ಮುಖವು ಅಂತರ್ಜಾಲದ (Internet) ಹೊರಹೊಮ್ಮುವಿಕೆಯೊಂದಿಗೆ ಜನಪ್ರಿಯವಾಯಿತು (Famous) ಮತ್ತು ಇಂದು ವ್ಯಾಪಕವಾಗಿ ಬಳಸಲ್ಪಡುತ್ತದೆ.
1999 – ವಿಶ್ವ ಸ್ಮೈಲ್ ದಿನವನ್ನು ಸ್ಥಾಪಿಸಲಾಯಿತು.
ವಿಶ್ವ ಸ್ಮೈಲ್ ಡೇ: ಆಚರಣೆಗಳು
ಪ್ರಪಂಚದಾದ್ಯಂತ ಜನರು ವಿಶ್ವ ಸ್ಮೈಲ್ ದಿನವನ್ನು ಅನನ್ಯ ಮತ್ತು ಕಾಲ್ಪನಿಕ ರೀತಿಯಲ್ಲಿ ಆಚರಿಸುತ್ತಾರೆ. ಯುನೈಟೆಡ್ ಸ್ಟೇಟ್ಸ್‌ನ ಮ್ಯಾಸಚೂಸೆಟ್ಸ್‌ನಲ್ಲಿರುವ ವೊ ರ್ಸೆಸ್ಟರ್ ಹಿಸ್ಟಾರಿಕಲ್ ಸೊಸೈಟಿಯು 2000ದಿಂದ ಸ್ಮೈಲಿ ಚೆಂಡನ್ನು ಎಸೆಯುವ ಮೂಲಕ ಈ ದಿನವನ್ನು ಆಚರಿಸಲಾಗುತ್ತಿದೆ. ಚೆಂಡು ಹಾರ್ವೆ ಬಾಲ್ ಸ್ಮೈಲ್ ಪ್ರಶಸ್ತಿ ಮತ್ತು ಸ್ಮೈಲಿ–ಫೇಸ್ ವಿಷಯದ ಈವೆಂಟ್‌ಗಳು ಮತ್ತು ಪ್ರದರ್ಶನಗಳನ್ನು ಆಯೋಜಿಸುತ್ತದೆ. ವಿಶ್ವ ಸ್ಮೈಲ್ ಡೇ ಸಂದೇಶವನ್ನು (Message) ಹೊತ್ತ ಬಲೂನ್‌ಗಳ ಉಡಾವಣೆಯೊಂದಿಗೆ ಹಾಟ್ ಏರ್ ಬಲೂನ್ ಸ್ಪರ್ಧೆಗಳನ್ನು ಸಹ ನಡೆಸಲಾಗುತ್ತದೆ.
ಮೋಜಿನ ಚಟುವಟಿಕೆಗಳು ಮತ್ತು ಸ್ಪರ್ಧೆಗಳಾದ ಕೋರಲ್
ಪ್ರಸ್ತುತಿಗಳು, 'ವೇರ್ ಈಸ್ ದಿ ಸ್ಮೈಲಿ' ಸ್ಪರ್ಧೆ, ಪೈ ತಿನ್ನುವ ಸ್ಪರ್ಧೆ ಮತ್ತು ಇತರ ಸರ್ಕಸ್ ಪ್ರದರ್ಶನಗಳನ್ನು ವಿವಿಧ ದೇಶಗಳಲ್ಲಿ ಆಯೋಜಿಸಲಾಗಿದೆ. ಅನೇಕ ಸಂಸ್ಥೆಗಳು ಈ ದಿನದಂದು ಅಗತ್ಯವಿರುವವರಿಗೆ ಉಚಿತ ಆಹಾರವನ್ನು (Food) ವಿತರಿಸುತ್ತವೆ. ರೋಗಿಗಳು ಮತ್ತು ವೃದ್ಧರ ಮುಖದಲ್ಲಿ ನಗು ತರಿಸಲು ಆಸ್ಪತ್ರೆಗಳು ಮತ್ತು ಆರೈಕೆ ಮನೆಗಳಲ್ಲಿ ವಿವಿಧ ಕಾರ್ಯಕ್ರಮಗಳನ್ನು (Programmes) ಆಯೋಜಿಸಲಾಗುತ್ತದೆ.
